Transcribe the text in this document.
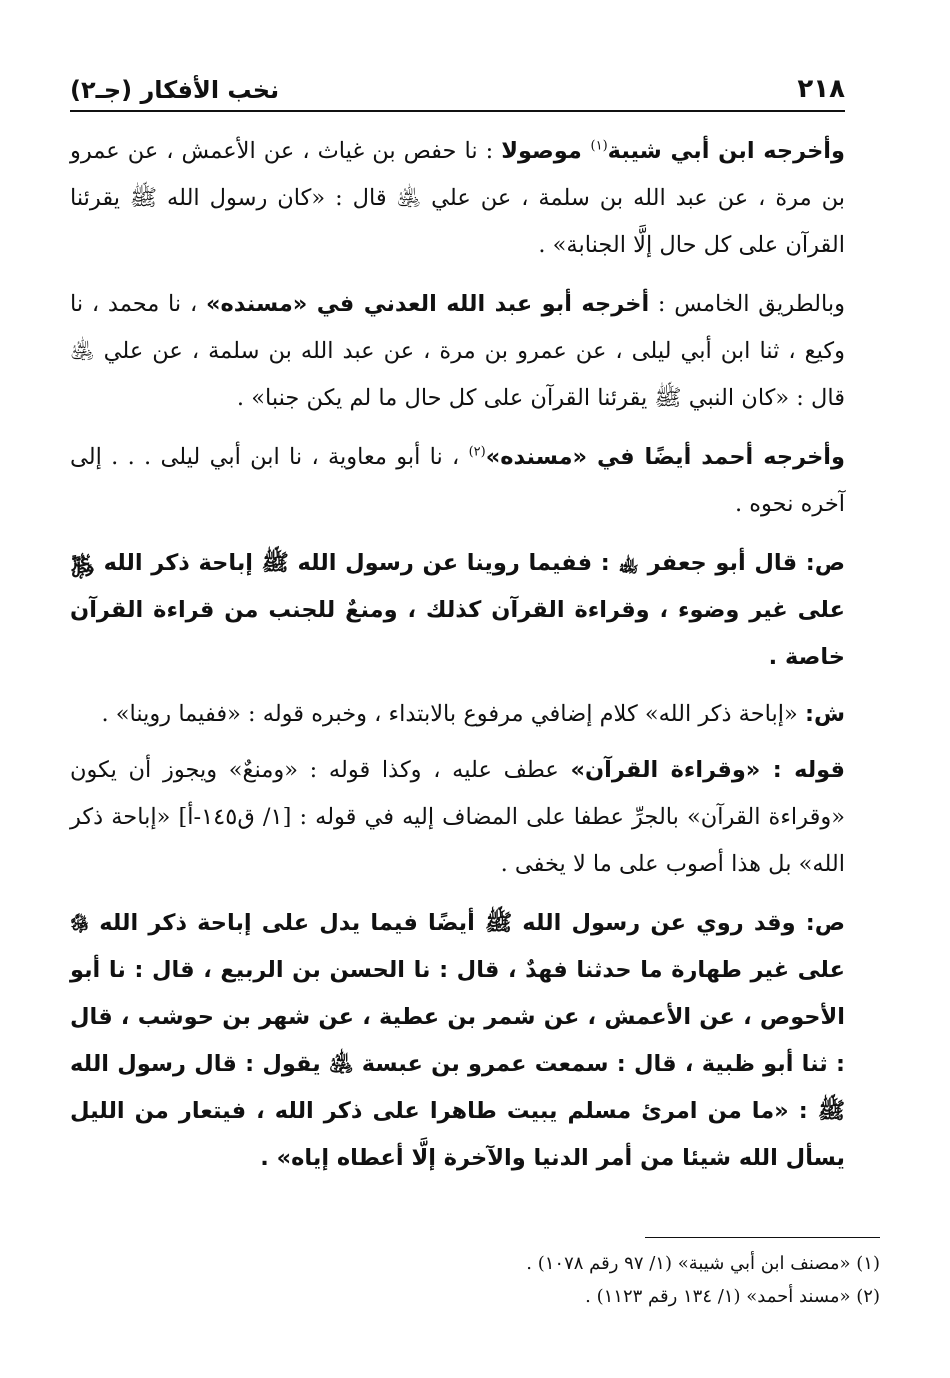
٢١٨
نخب الأفكار (جـ٢)

وأخرجه ابن أبي شيبة$^{(١)}$ موصولا : نا حفص بن غياث ، عن الأعمش ، عن عمرو بن مرة ، عن عبد الله بن سلمة ، عن علي ﵁ قال : «كان رسول الله ﷺ يقرئنا القرآن على كل حال إلَّا الجنابة» .

وبالطريق الخامس : أخرجه أبو عبد الله العدني في «مسنده» ، نا محمد ، نا وكيع ، ثنا ابن أبي ليلى ، عن عمرو بن مرة ، عن عبد الله بن سلمة ، عن علي ﵁ قال : «كان النبي ﷺ يقرئنا القرآن على كل حال ما لم يكن جنبا» .

وأخرجه أحمد أيضًا في «مسنده»$^{(٢)}$ ، نا أبو معاوية ، نا ابن أبي ليلى . . . إلى آخره نحوه .

ص: قال أبو جعفر ﵀ : ففيما روينا عن رسول الله ﷺ إباحة ذكر الله ﷿ على غير وضوء ، وقراءة القرآن كذلك ، ومنعٌ للجنب من قراءة القرآن خاصة .

ش: «إباحة ذكر الله» كلام إضافي مرفوع بالابتداء ، وخبره قوله : «ففيما روينا» .

قوله : «وقراءة القرآن» عطف عليه ، وكذا قوله : «ومنعٌ» ويجوز أن يكون «وقراءة القرآن» بالجرِّ عطفا على المضاف إليه في قوله : [١/ ق١٤٥-أ] «إباحة ذكر الله» بل هذا أصوب على ما لا يخفى .

ص: وقد روي عن رسول الله ﷺ أيضًا فيما يدل على إباحة ذكر الله ﷿ على غير طهارة ما حدثنا فهدٌ ، قال : نا الحسن بن الربيع ، قال : نا أبو الأحوص ، عن الأعمش ، عن شمر بن عطية ، عن شهر بن حوشب ، قال : ثنا أبو ظبية ، قال : سمعت عمرو بن عبسة ﵁ يقول : قال رسول الله ﷺ : «ما من امرئ مسلم يبيت طاهرا على ذكر الله ، فيتعار من الليل يسأل الله شيئا من أمر الدنيا والآخرة إلَّا أعطاه إياه» .

(١) «مصنف ابن أبي شيبة» (١/ ٩٧ رقم ١٠٧٨) .

(٢) «مسند أحمد» (١/ ١٣٤ رقم ١١٢٣) .
